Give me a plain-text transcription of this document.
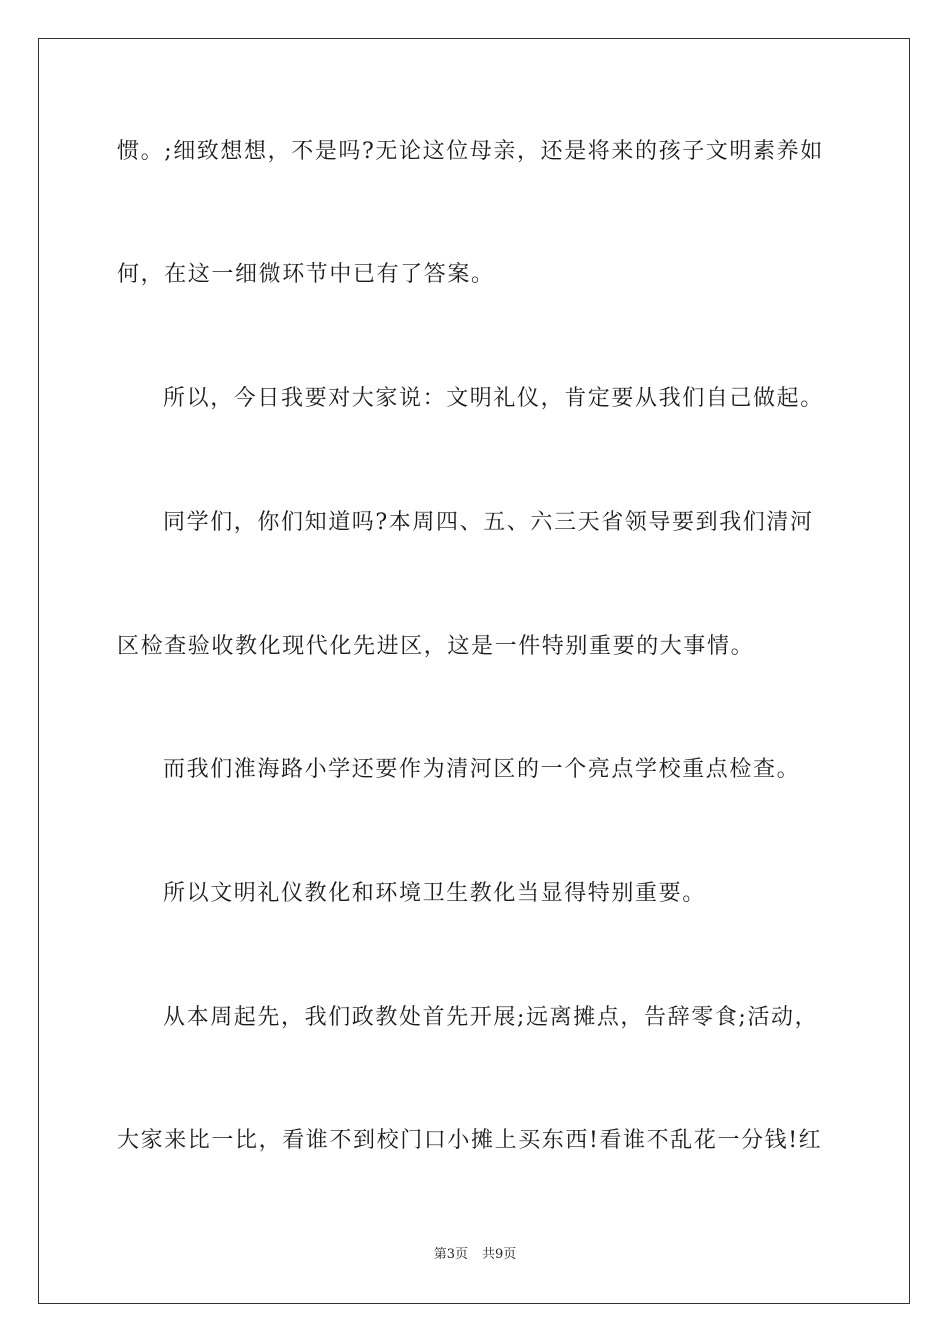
惯。;细致想想，不是吗?无论这位母亲，还是将来的孩子文明素养如
何，在这一细微环节中已有了答案。
所以，今日我要对大家说：文明礼仪，肯定要从我们自己做起。
同学们，你们知道吗?本周四、五、六三天省领导要到我们清河
区检查验收教化现代化先进区，这是一件特别重要的大事情。
而我们淮海路小学还要作为清河区的一个亮点学校重点检查。
所以文明礼仪教化和环境卫生教化当显得特别重要。
从本周起先，我们政教处首先开展;远离摊点，告辞零食;活动，
大家来比一比，看谁不到校门口小摊上买东西!看谁不乱花一分钱!红
第3页 共9页
